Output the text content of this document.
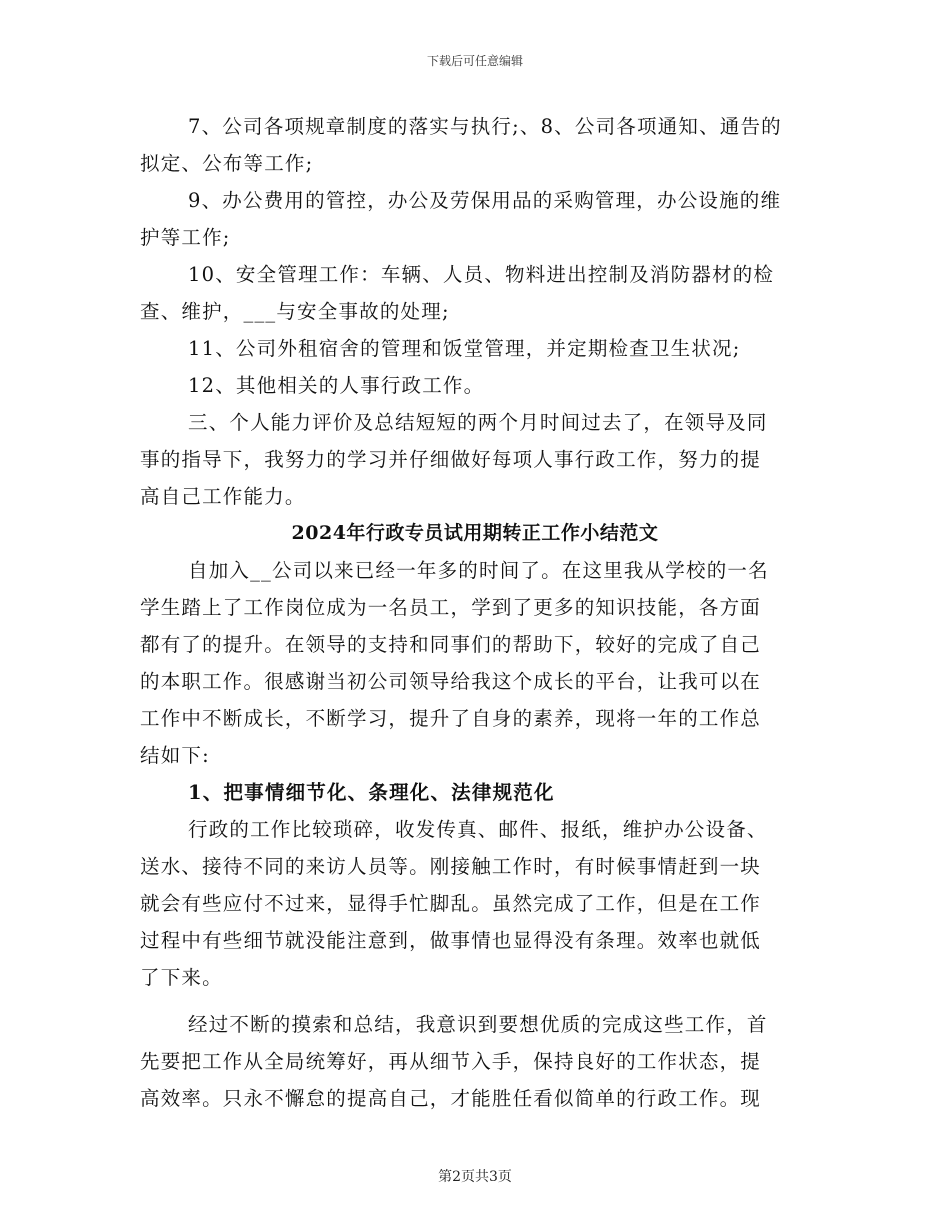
下载后可任意编辑
7、公司各项规章制度的落实与执行;、8、公司各项通知、通告的
拟定、公布等工作;
9、办公费用的管控，办公及劳保用品的采购管理，办公设施的维
护等工作;
10、安全管理工作：车辆、人员、物料进出控制及消防器材的检
查、维护，___与安全事故的处理;
11、公司外租宿舍的管理和饭堂管理，并定期检查卫生状况;
12、其他相关的人事行政工作。
三、个人能力评价及总结短短的两个月时间过去了，在领导及同
事的指导下，我努力的学习并仔细做好每项人事行政工作，努力的提
高自己工作能力。
2024年行政专员试用期转正工作小结范文
自加入__公司以来已经一年多的时间了。在这里我从学校的一名
学生踏上了工作岗位成为一名员工，学到了更多的知识技能，各方面
都有了的提升。在领导的支持和同事们的帮助下，较好的完成了自己
的本职工作。很感谢当初公司领导给我这个成长的平台，让我可以在
工作中不断成长，不断学习，提升了自身的素养，现将一年的工作总
结如下:
1、把事情细节化、条理化、法律规范化
行政的工作比较琐碎，收发传真、邮件、报纸，维护办公设备、
送水、接待不同的来访人员等。刚接触工作时，有时候事情赶到一块
就会有些应付不过来，显得手忙脚乱。虽然完成了工作，但是在工作
过程中有些细节就没能注意到，做事情也显得没有条理。效率也就低
了下来。
经过不断的摸索和总结，我意识到要想优质的完成这些工作，首
先要把工作从全局统筹好，再从细节入手，保持良好的工作状态，提
高效率。只永不懈怠的提高自己，才能胜任看似简单的行政工作。现
第2页共3页
